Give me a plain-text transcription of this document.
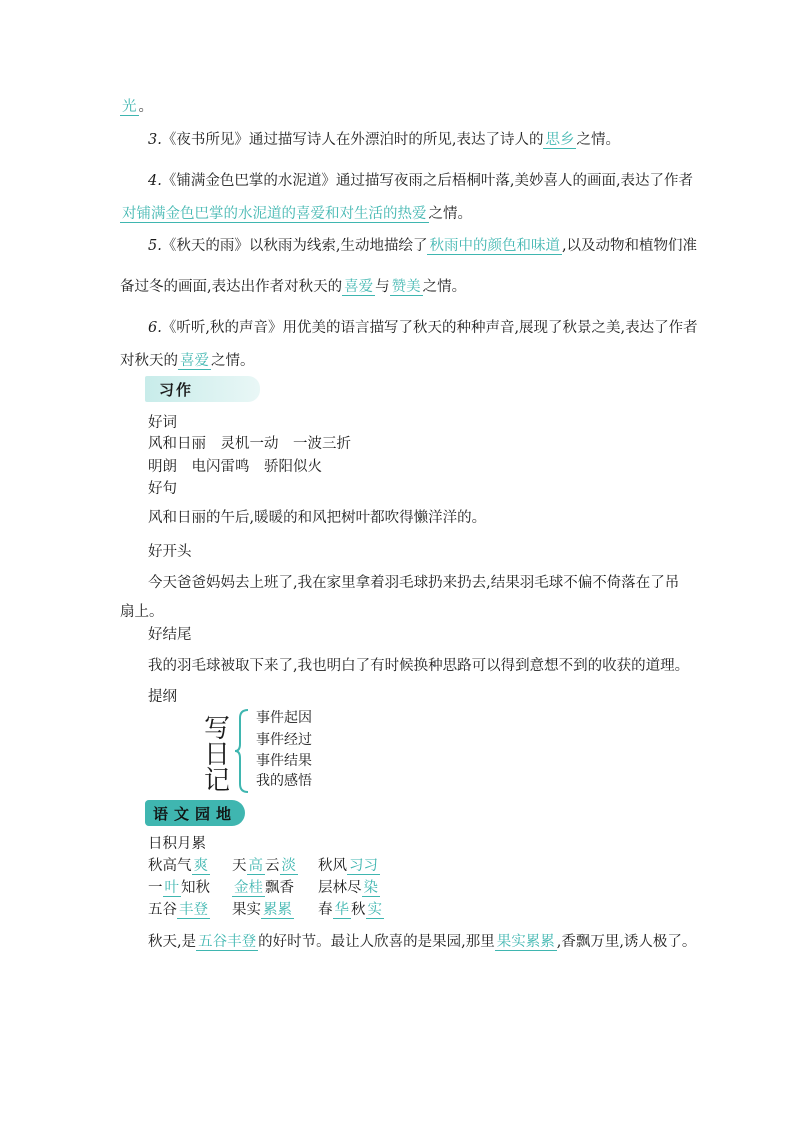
光 。
3.《夜书所见》通过描写诗人在外漂泊时的所见,表达了诗人的 思乡 之情。
4.《铺满金色巴掌的水泥道》通过描写夜雨之后梧桐叶落,美妙喜人的画面,表达了作者
对铺满金色巴掌的水泥道的喜爱和对生活的热爱 之情。
5.《秋天的雨》以秋雨为线索,生动地描绘了 秋雨中的颜色和味道 ,以及动物和植物们准
备过冬的画面,表达出作者对秋天的 喜爱 与 赞美 之情。
6.《听听,秋的声音》用优美的语言描写了秋天的种种声音,展现了秋景之美,表达了作者
对秋天的 喜爱 之情。
习作
好词
风和日丽　灵机一动　一波三折
明朗　电闪雷鸣　骄阳似火
好句
风和日丽的午后,暖暖的和风把树叶都吹得懒洋洋的。
好开头
今天爸爸妈妈去上班了,我在家里拿着羽毛球扔来扔去,结果羽毛球不偏不倚落在了吊
扇上。
好结尾
我的羽毛球被取下来了,我也明白了有时候换种思路可以得到意想不到的收获的道理。
提纲
写
日
记
事件起因
事件经过
事件结果
我的感悟
语文园地
日积月累
秋高气 爽 天 高 云 淡 秋风 习习
一 叶 知秋 金桂 飘香 层林尽 染
五谷 丰登 果实 累累 春 华 秋 实
秋天,是 五谷丰登 的好时节。最让人欣喜的是果园,那里 果实累累 ,香飘万里,诱人极了。
